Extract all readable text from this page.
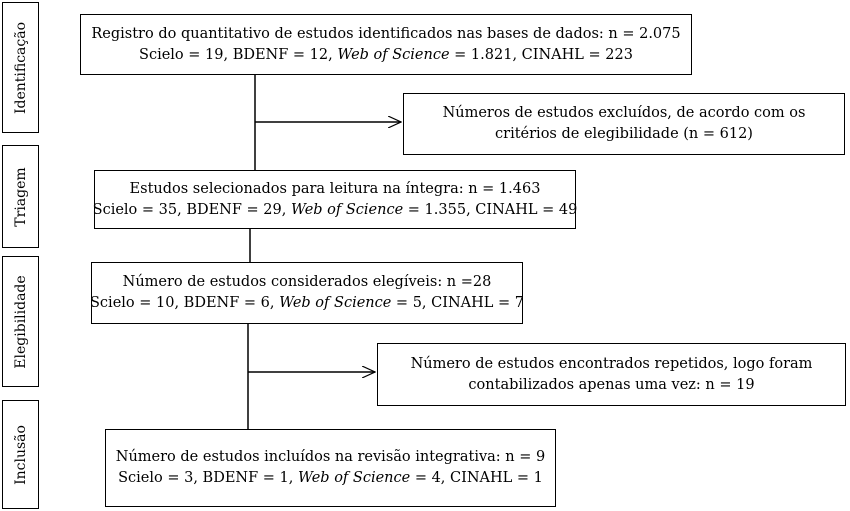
Identificação
Triagem
Elegibilidade
Inclusão
Registro do quantitativo de estudos identificados nas bases de dados: n = 2.075
Scielo = 19, BDENF = 12, Web of Science = 1.821, CINAHL = 223
Números de estudos excluídos, de acordo com os
critérios de elegibilidade (n = 612)
Estudos selecionados para leitura na íntegra: n = 1.463
Scielo = 35, BDENF = 29, Web of Science = 1.355, CINAHL = 49
Número de estudos considerados elegíveis: n =28
Scielo = 10, BDENF = 6, Web of Science = 5, CINAHL = 7
Número de estudos encontrados repetidos, logo foram
contabilizados apenas uma vez: n = 19
Número de estudos incluídos na revisão integrativa: n = 9
Scielo = 3, BDENF = 1, Web of Science = 4, CINAHL = 1
